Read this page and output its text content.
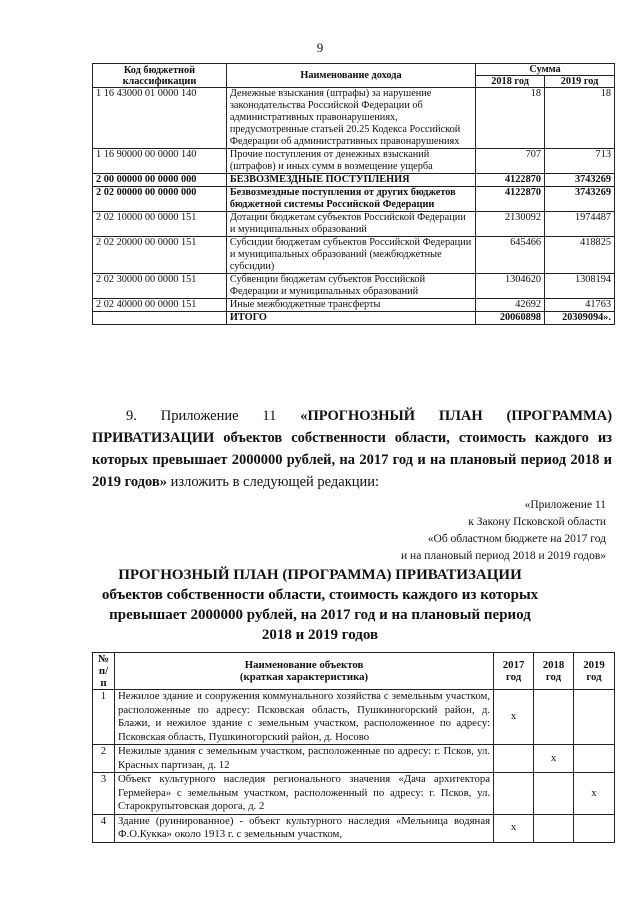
9
Код бюджетной классификации	Наименование дохода	Сумма	
		2018 год	2019 год
1 16 43000 01 0000 140	Денежные взыскания (штрафы) за нарушение законодательства Российской Федерации об административных правонарушениях, предусмотренные статьей 20.25 Кодекса Российской Федерации об административных правонарушениях	18	18
1 16 90000 00 0000 140	Прочие поступления от денежных взысканий (штрафов) и иных сумм в возмещение ущерба	707	713
2 00 00000 00 0000 000	БЕЗВОЗМЕЗДНЫЕ ПОСТУПЛЕНИЯ	4122870	3743269
2 02 00000 00 0000 000	Безвозмездные поступления от других бюджетов бюджетной системы Российской Федерации	4122870	3743269
2 02 10000 00 0000 151	Дотации бюджетам субъектов Российской Федерации и муниципальных образований	2130092	1974487
2 02 20000 00 0000 151	Субсидии бюджетам субъектов Российской Федерации и муниципальных образований (межбюджетные субсидии)	645466	418825
2 02 30000 00 0000 151	Субвенции бюджетам субъектов Российской Федерации и муниципальных образований	1304620	1308194
2 02 40000 00 0000 151	Иные межбюджетные трансферты	42692	41763
	ИТОГО	20060898	20309094».
9. Приложение 11 «ПРОГНОЗНЫЙ ПЛАН (ПРОГРАММА) ПРИВАТИЗАЦИИ объектов собственности области, стоимость каждого из которых превышает 2000000 рублей, на 2017 год и на плановый период 2018 и 2019 годов» изложить в следующей редакции:
«Приложение 11
к Закону Псковской области
«Об областном бюджете на 2017 год
и на плановый период 2018 и 2019 годов»
ПРОГНОЗНЫЙ ПЛАН (ПРОГРАММА) ПРИВАТИЗАЦИИ
объектов собственности области, стоимость каждого из которых
превышает 2000000 рублей, на 2017 год и на плановый период
2018 и 2019 годов
№ п/п	Наименование объектов
(краткая характеристика)	2017 год	2018 год	2019 год
1	Нежилое здание и сооружения коммунального хозяйства с земельным участком, расположенные по адресу: Псковская область, Пушкиногорский район, д. Блажи, и нежилое здание с земельным участком, расположенное по адресу: Псковская область, Пушкиногорский район, д. Носово	х		
2	Нежилые здания с земельным участком, расположенные по адресу: г. Псков, ул. Красных партизан, д. 12		х	
3	Объект культурного наследия регионального значения «Дача архитектора Гермейера» с земельным участком, расположенный по адресу: г. Псков, ул. Старокрупытовская дорога, д. 2			х
4	Здание (руинированное) - объект культурного наследия «Мельница водяная Ф.О.Кукка» около 1913 г. с земельным участком,	х		
